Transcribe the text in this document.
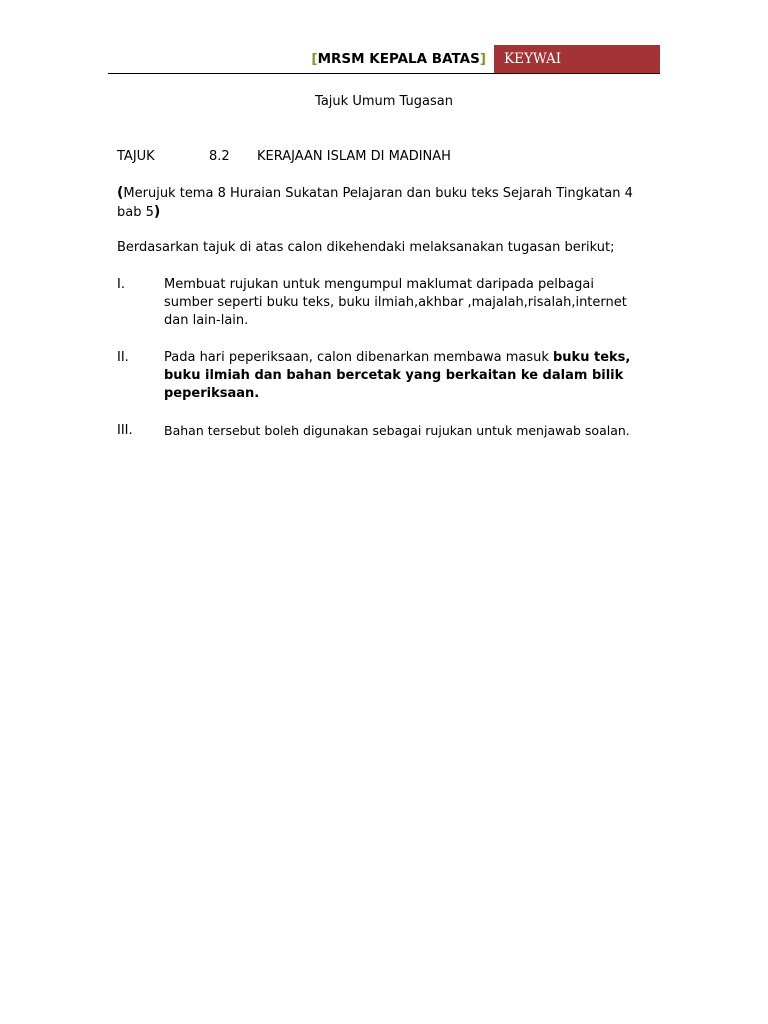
[MRSM KEPALA BATAS]	KEYWAI
Tajuk Umum Tugasan
TAJUK	8.2 KERAJAAN ISLAM DI MADINAH
(Merujuk tema 8 Huraian Sukatan Pelajaran dan buku teks Sejarah Tingkatan 4 bab 5)
Berdasarkan tajuk di atas calon dikehendaki melaksanakan tugasan berikut;
I.	Membuat rujukan untuk mengumpul maklumat daripada pelbagai sumber seperti buku teks, buku ilmiah,akhbar ,majalah,risalah,internet dan lain-lain.
II.	Pada hari peperiksaan, calon dibenarkan membawa masuk buku teks, buku ilmiah dan bahan bercetak yang berkaitan ke dalam bilik peperiksaan.
III.	Bahan tersebut boleh digunakan sebagai rujukan untuk menjawab soalan.
